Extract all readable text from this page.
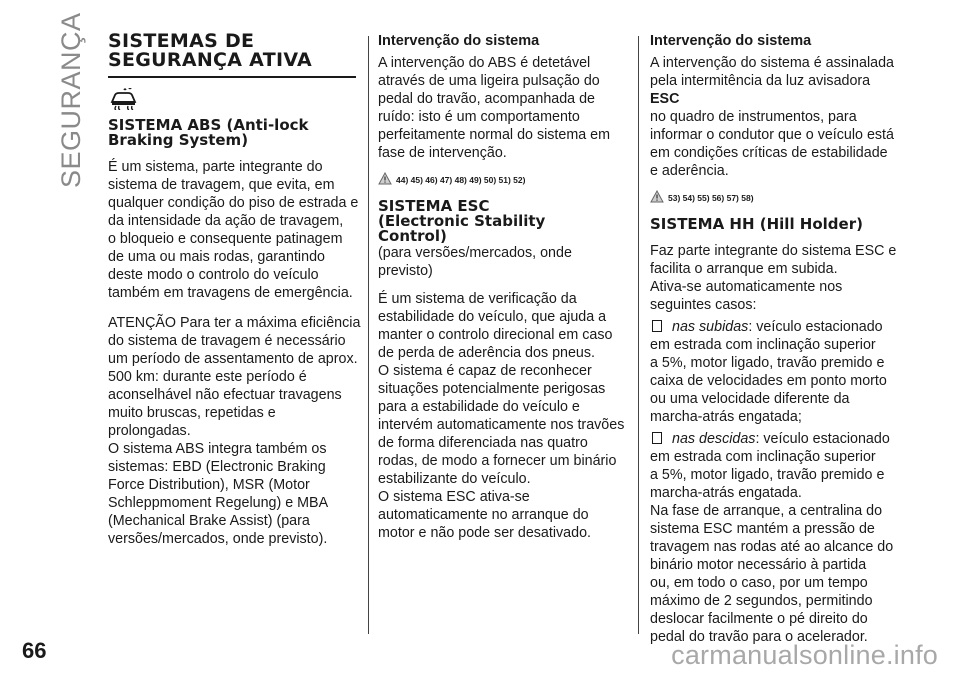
SEGURANÇA SISTEMAS DE
SEGURANÇA ATIVA
SISTEMA ABS (Anti-lock
Braking System)

É um sistema, parte integrante do
sistema de travagem, que evita, em
qualquer condição do piso de estrada e
da intensidade da ação de travagem,
o bloqueio e consequente patinagem
de uma ou mais rodas, garantindo
deste modo o controlo do veículo
também em travagens de emergência.

ATENÇÃO Para ter a máxima eficiência
do sistema de travagem é necessário
um período de assentamento de aprox.
500 km: durante este período é
aconselhável não efectuar travagens
muito bruscas, repetidas e
prolongadas.
O sistema ABS integra também os
sistemas: EBD (Electronic Braking
Force Distribution), MSR (Motor
Schleppmoment Regelung) e MBA
(Mechanical Brake Assist) (para
versões/mercados, onde previsto).

Intervenção do sistema

A intervenção do ABS é detetável
através de uma ligeira pulsação do
pedal do travão, acompanhada de
ruído: isto é um comportamento
perfeitamente normal do sistema em
fase de intervenção.

44) 45) 46) 47) 48) 49) 50) 51) 52)
SISTEMA ESC
(Electronic Stability
Control)

(para versões/mercados, onde previsto)

É um sistema de verificação da
estabilidade do veículo, que ajuda a
manter o controlo direcional em caso
de perda de aderência dos pneus.
O sistema é capaz de reconhecer
situações potencialmente perigosas
para a estabilidade do veículo e
intervém automaticamente nos travões
de forma diferenciada nas quatro
rodas, de modo a fornecer um binário
estabilizante do veículo.
O sistema ESC ativa-se
automaticamente no arranque do
motor e não pode ser desativado.

Intervenção do sistema

A intervenção do sistema é assinalada
pela intermitência da luz avisadora ESC
no quadro de instrumentos, para
informar o condutor que o veículo está
em condições críticas de estabilidade
e aderência.

53) 54) 55) 56) 57) 58)
SISTEMA HH (Hill Holder)

Faz parte integrante do sistema ESC e
facilita o arranque em subida.
Ativa-se automaticamente nos
seguintes casos:

nas subidas: veículo estacionado
em estrada com inclinação superior
a 5%, motor ligado, travão premido e
caixa de velocidades em ponto morto
ou uma velocidade diferente da
marcha-atrás engatada;

nas descidas: veículo estacionado
em estrada com inclinação superior
a 5%, motor ligado, travão premido e
marcha-atrás engatada.

Na fase de arranque, a centralina do
sistema ESC mantém a pressão de
travagem nas rodas até ao alcance do
binário motor necessário à partida
ou, em todo o caso, por um tempo
máximo de 2 segundos, permitindo
deslocar facilmente o pé direito do
pedal do travão para o acelerador.

66	carmanualsonline.info
